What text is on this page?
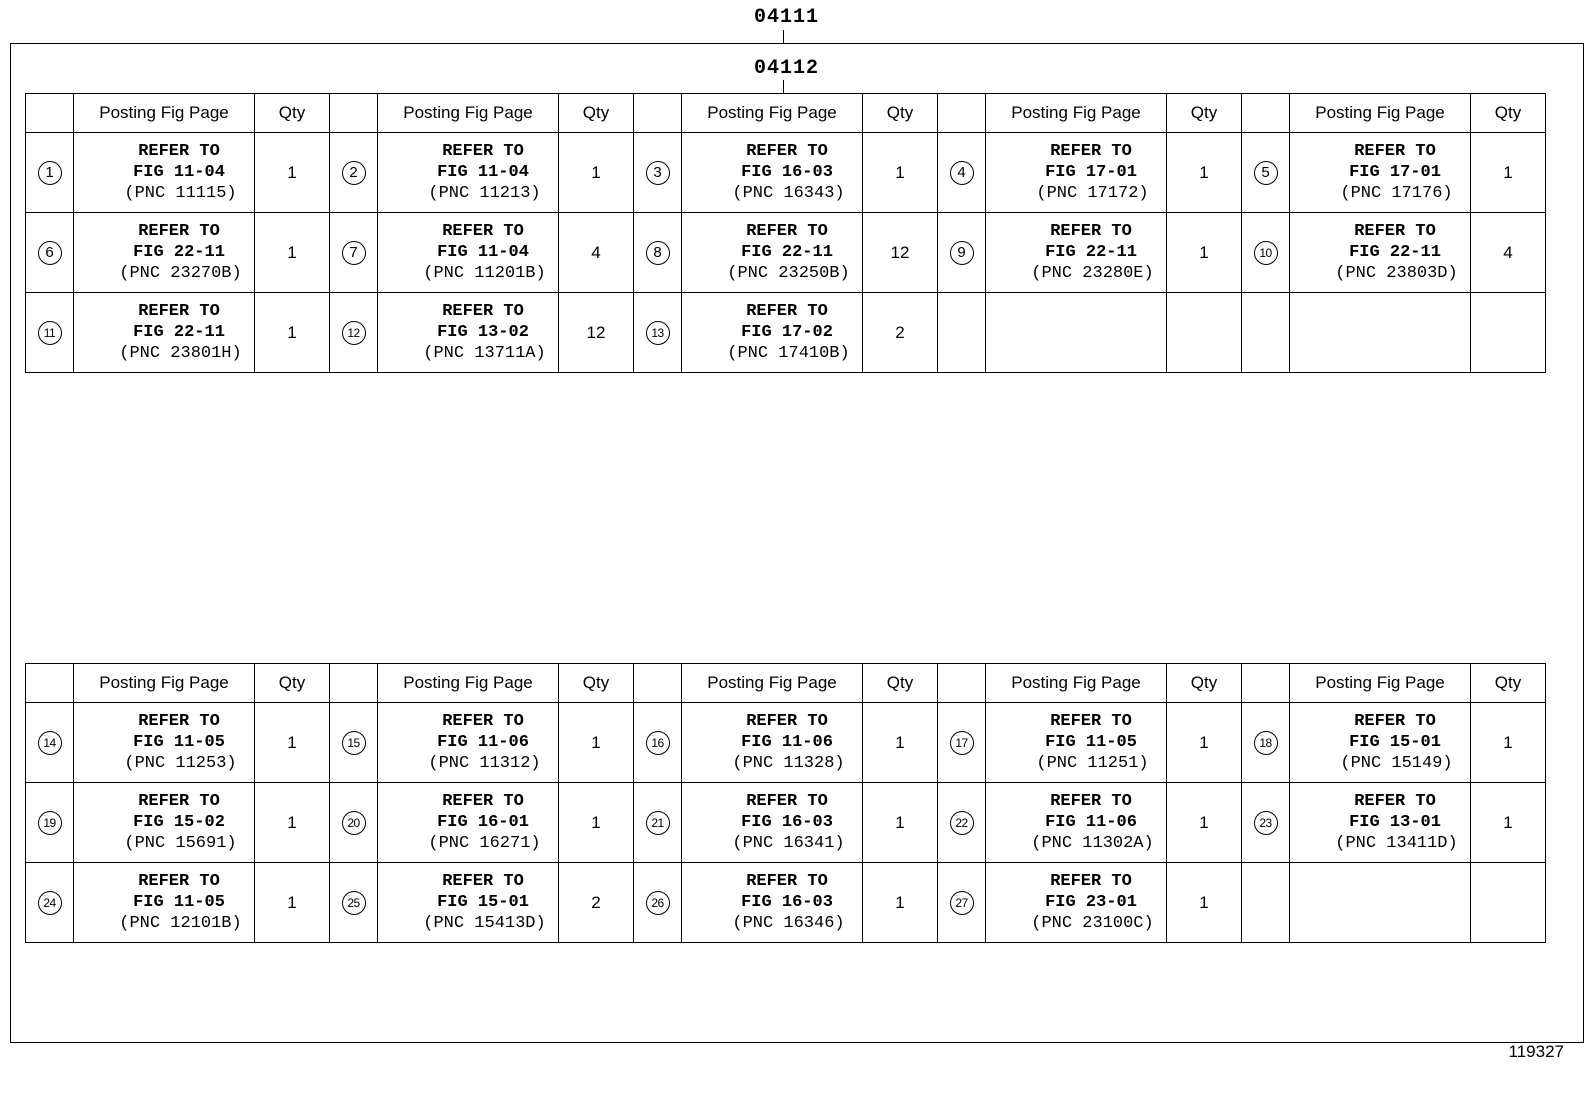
04111
04112
	Posting Fig Page	Qty		Posting Fig Page	Qty		Posting Fig Page	Qty		Posting Fig Page	Qty		Posting Fig Page	Qty
1	REFER TO
FIG 11-04
(PNC 11115)	1	2	REFER TO
FIG 11-04
(PNC 11213)	1	3	REFER TO
FIG 16-03
(PNC 16343)	1	4	REFER TO
FIG 17-01
(PNC 17172)	1	5	REFER TO
FIG 17-01
(PNC 17176)	1
6	REFER TO
FIG 22-11
(PNC 23270B)	1	7	REFER TO
FIG 11-04
(PNC 11201B)	4	8	REFER TO
FIG 22-11
(PNC 23250B)	12	9	REFER TO
FIG 22-11
(PNC 23280E)	1	10	REFER TO
FIG 22-11
(PNC 23803D)	4
11	REFER TO
FIG 22-11
(PNC 23801H)	1	12	REFER TO
FIG 13-02
(PNC 13711A)	12	13	REFER TO
FIG 17-02
(PNC 17410B)	2						
	Posting Fig Page	Qty		Posting Fig Page	Qty		Posting Fig Page	Qty		Posting Fig Page	Qty		Posting Fig Page	Qty
14	REFER TO
FIG 11-05
(PNC 11253)	1	15	REFER TO
FIG 11-06
(PNC 11312)	1	16	REFER TO
FIG 11-06
(PNC 11328)	1	17	REFER TO
FIG 11-05
(PNC 11251)	1	18	REFER TO
FIG 15-01
(PNC 15149)	1
19	REFER TO
FIG 15-02
(PNC 15691)	1	20	REFER TO
FIG 16-01
(PNC 16271)	1	21	REFER TO
FIG 16-03
(PNC 16341)	1	22	REFER TO
FIG 11-06
(PNC 11302A)	1	23	REFER TO
FIG 13-01
(PNC 13411D)	1
24	REFER TO
FIG 11-05
(PNC 12101B)	1	25	REFER TO
FIG 15-01
(PNC 15413D)	2	26	REFER TO
FIG 16-03
(PNC 16346)	1	27	REFER TO
FIG 23-01
(PNC 23100C)	1			
119327
